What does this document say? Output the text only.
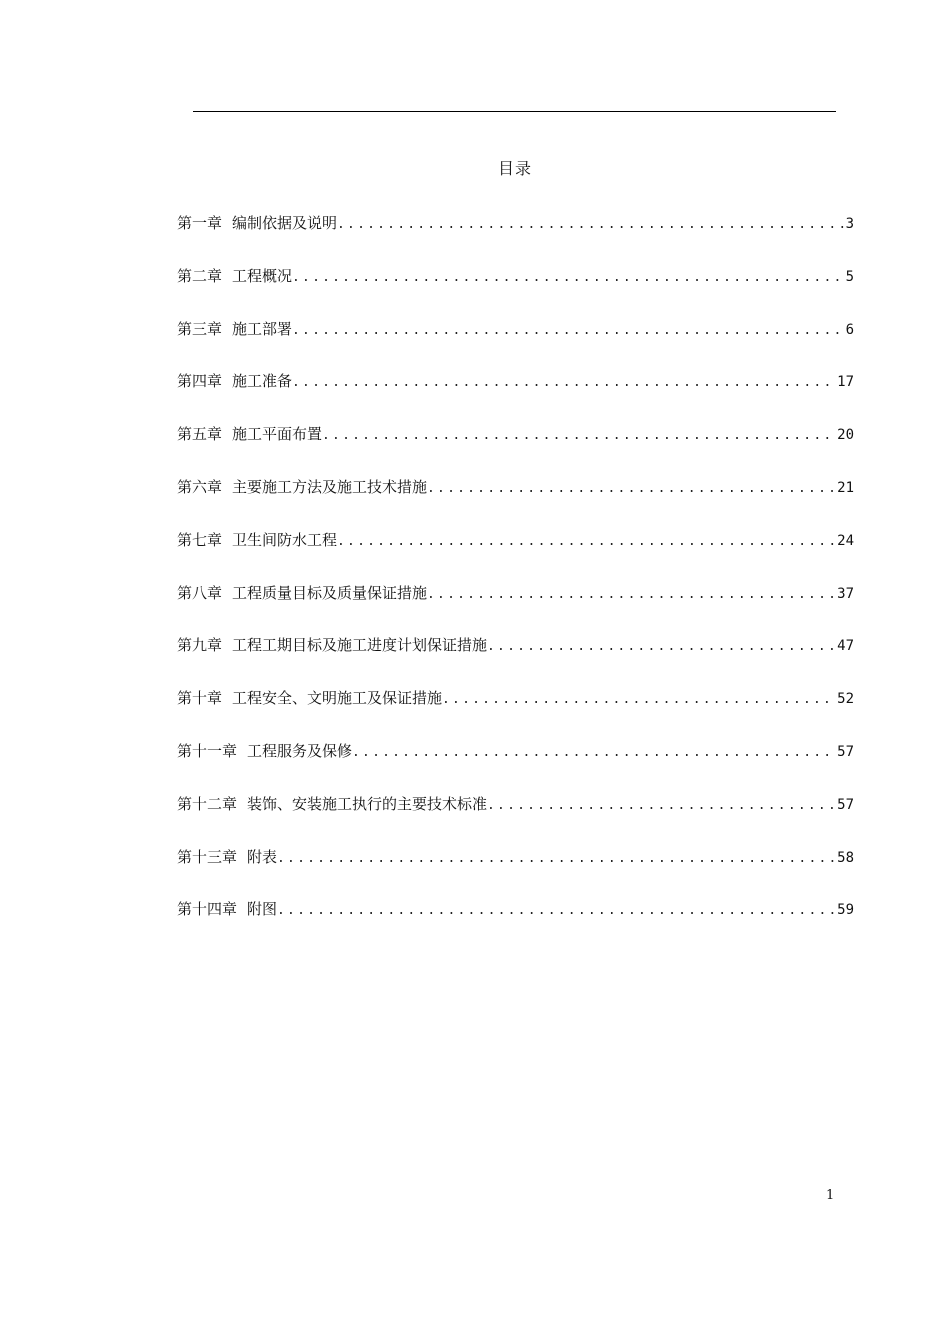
目录
第一章 编制依据及说明 .....	3
第二章 工程概况 .....	5
第三章 施工部署 .....	6
第四章 施工准备 .....	17
第五章 施工平面布置 .....	20
第六章 主要施工方法及施工技术措施 .....	21
第七章 卫生间防水工程 .....	24
第八章 工程质量目标及质量保证措施 .....	37
第九章 工程工期目标及施工进度计划保证措施 .....	47
第十章 工程安全、文明施工及保证措施 .....	52
第十一章 工程服务及保修 .....	57
第十二章 装饰、安装施工执行的主要技术标准 .....	57
第十三章 附表 .....	58
第十四章 附图 .....	59
1
